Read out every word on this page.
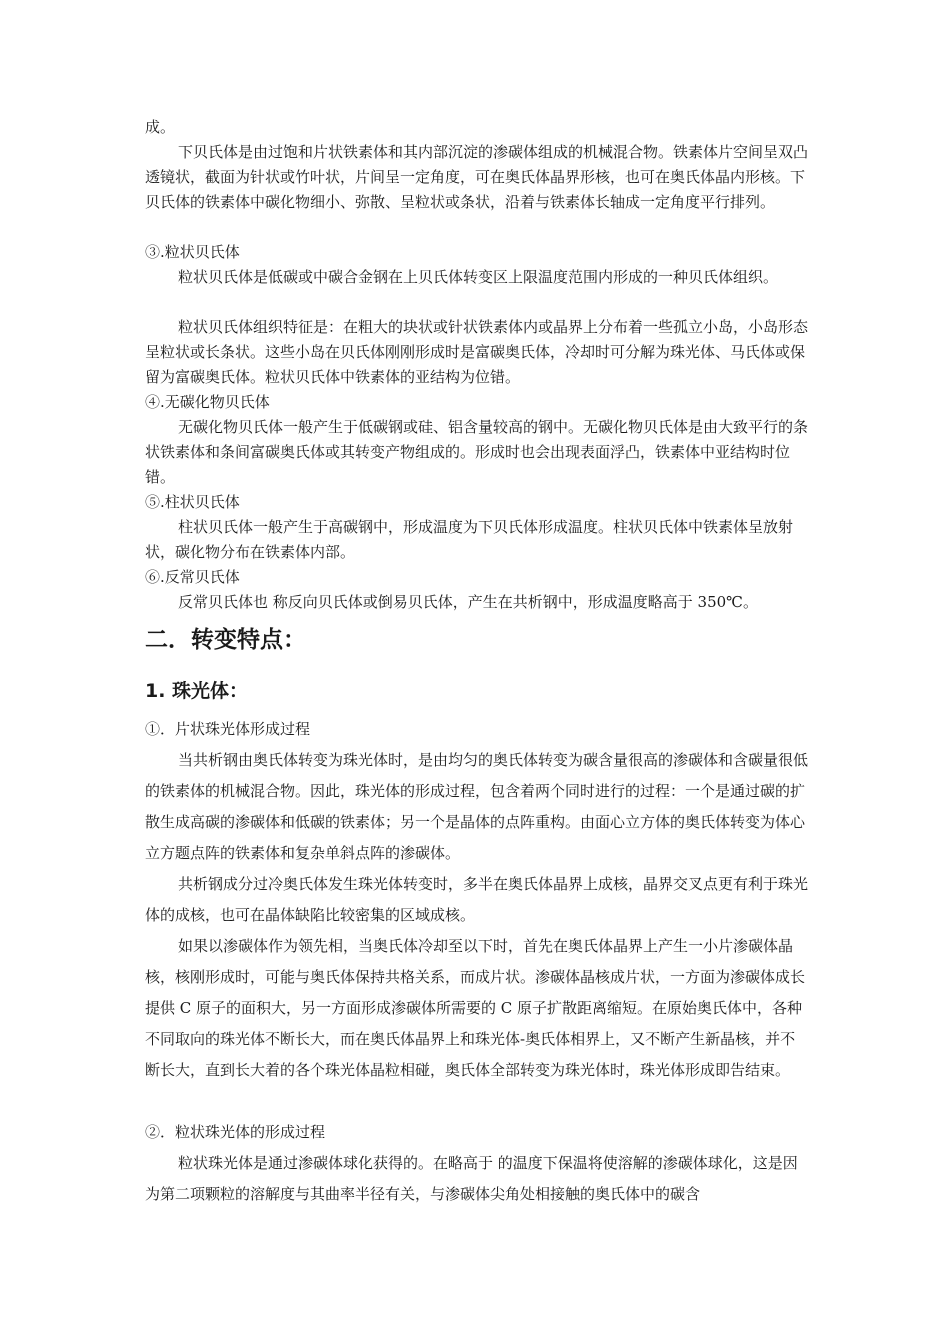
成。

下贝氏体是由过饱和片状铁素体和其内部沉淀的渗碳体组成的机械混合物。铁素体片空间呈双凸透镜状，截面为针状或竹叶状，片间呈一定角度，可在奥氏体晶界形核，也可在奥氏体晶内形核。下贝氏体的铁素体中碳化物细小、弥散、呈粒状或条状，沿着与铁素体长轴成一定角度平行排列。

③.粒状贝氏体

粒状贝氏体是低碳或中碳合金钢在上贝氏体转变区上限温度范围内形成的一种贝氏体组织。

粒状贝氏体组织特征是：在粗大的块状或针状铁素体内或晶界上分布着一些孤立小岛，小岛形态呈粒状或长条状。这些小岛在贝氏体刚刚形成时是富碳奥氏体，冷却时可分解为珠光体、马氏体或保留为富碳奥氏体。粒状贝氏体中铁素体的亚结构为位错。

④.无碳化物贝氏体

无碳化物贝氏体一般产生于低碳钢或硅、铝含量较高的钢中。无碳化物贝氏体是由大致平行的条状铁素体和条间富碳奥氏体或其转变产物组成的。形成时也会出现表面浮凸，铁素体中亚结构时位错。

⑤.柱状贝氏体

柱状贝氏体一般产生于高碳钢中，形成温度为下贝氏体形成温度。柱状贝氏体中铁素体呈放射状，碳化物分布在铁素体内部。

⑥.反常贝氏体

反常贝氏体也 称反向贝氏体或倒易贝氏体，产生在共析钢中，形成温度略高于 350℃。

二．转变特点：
1. 珠光体：

①．片状珠光体形成过程

当共析钢由奥氏体转变为珠光体时，是由均匀的奥氏体转变为碳含量很高的渗碳体和含碳量很低的铁素体的机械混合物。因此，珠光体的形成过程，包含着两个同时进行的过程：一个是通过碳的扩散生成高碳的渗碳体和低碳的铁素体；另一个是晶体的点阵重构。由面心立方体的奥氏体转变为体心立方题点阵的铁素体和复杂单斜点阵的渗碳体。

共析钢成分过冷奥氏体发生珠光体转变时，多半在奥氏体晶界上成核，晶界交叉点更有利于珠光体的成核，也可在晶体缺陷比较密集的区域成核。

如果以渗碳体作为领先相，当奥氏体冷却至以下时，首先在奥氏体晶界上产生一小片渗碳体晶核，核刚形成时，可能与奥氏体保持共格关系，而成片状。渗碳体晶核成片状，一方面为渗碳体成长提供 C 原子的面积大，另一方面形成渗碳体所需要的 C 原子扩散距离缩短。在原始奥氏体中，各种不同取向的珠光体不断长大，而在奥氏体晶界上和珠光体-奥氏体相界上，又不断产生新晶核，并不断长大，直到长大着的各个珠光体晶粒相碰，奥氏体全部转变为珠光体时，珠光体形成即告结束。

②．粒状珠光体的形成过程

粒状珠光体是通过渗碳体球化获得的。在略高于 的温度下保温将使溶解的渗碳体球化，这是因为第二项颗粒的溶解度与其曲率半径有关，与渗碳体尖角处相接触的奥氏体中的碳含
